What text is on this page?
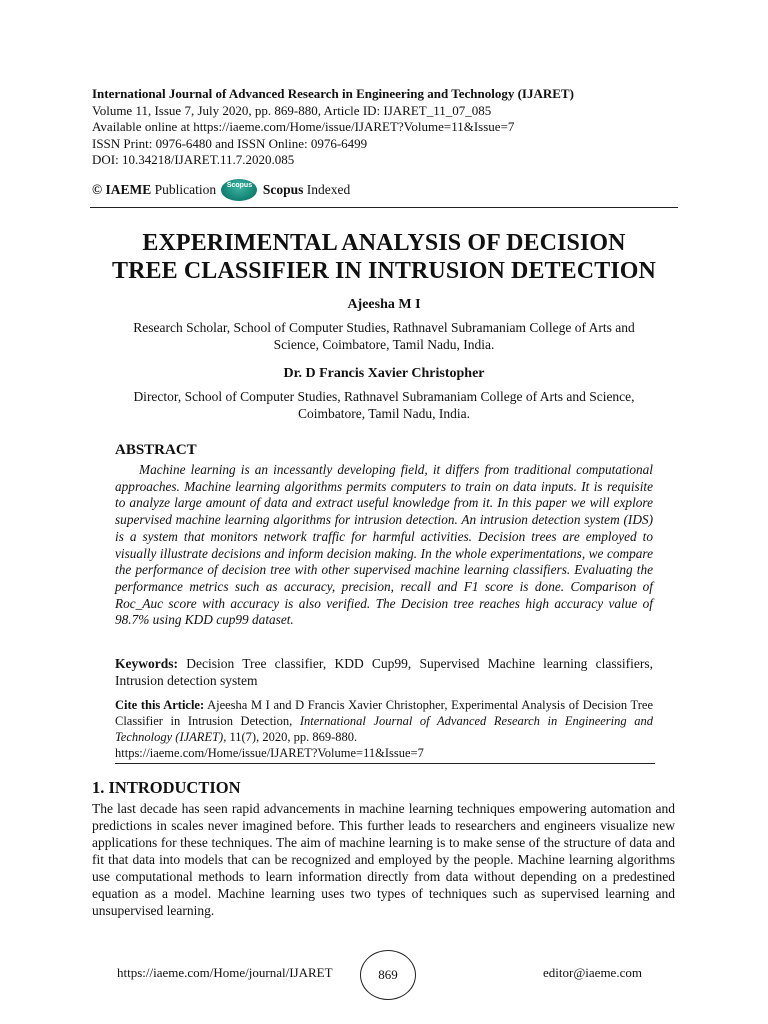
International Journal of Advanced Research in Engineering and Technology (IJARET)
Volume 11, Issue 7, July 2020, pp. 869-880, Article ID: IJARET_11_07_085
Available online at https://iaeme.com/Home/issue/IJARET?Volume=11&Issue=7
ISSN Print: 0976-6480 and ISSN Online: 0976-6499
DOI: 10.34218/IJARET.11.7.2020.085
© IAEME Publication Scopus Scopus Indexed
EXPERIMENTAL ANALYSIS OF DECISION
TREE CLASSIFIER IN INTRUSION DETECTION
Ajeesha M I
Research Scholar, School of Computer Studies, Rathnavel Subramaniam College of Arts and
Science, Coimbatore, Tamil Nadu, India.
Dr. D Francis Xavier Christopher
Director, School of Computer Studies, Rathnavel Subramaniam College of Arts and Science,
Coimbatore, Tamil Nadu, India.
ABSTRACT
Machine learning is an incessantly developing field, it differs from traditional computational approaches. Machine learning algorithms permits computers to train on data inputs. It is requisite to analyze large amount of data and extract useful knowledge from it. In this paper we will explore supervised machine learning algorithms for intrusion detection. An intrusion detection system (IDS) is a system that monitors network traffic for harmful activities. Decision trees are employed to visually illustrate decisions and inform decision making. In the whole experimentations, we compare the performance of decision tree with other supervised machine learning classifiers. Evaluating the performance metrics such as accuracy, precision, recall and F1 score is done. Comparison of Roc_Auc score with accuracy is also verified. The Decision tree reaches high accuracy value of 98.7% using KDD cup99 dataset.
Keywords: Decision Tree classifier, KDD Cup99, Supervised Machine learning classifiers, Intrusion detection system
Cite this Article: Ajeesha M I and D Francis Xavier Christopher, Experimental Analysis of Decision Tree Classifier in Intrusion Detection, International Journal of Advanced Research in Engineering and Technology (IJARET), 11(7), 2020, pp. 869-880.
https://iaeme.com/Home/issue/IJARET?Volume=11&Issue=7
1. INTRODUCTION
The last decade has seen rapid advancements in machine learning techniques empowering automation and predictions in scales never imagined before. This further leads to researchers and engineers visualize new applications for these techniques. The aim of machine learning is to make sense of the structure of data and fit that data into models that can be recognized and employed by the people. Machine learning algorithms use computational methods to learn information directly from data without depending on a predestined equation as a model. Machine learning uses two types of techniques such as supervised learning and unsupervised learning.
https://iaeme.com/Home/journal/IJARET	869	editor@iaeme.com
